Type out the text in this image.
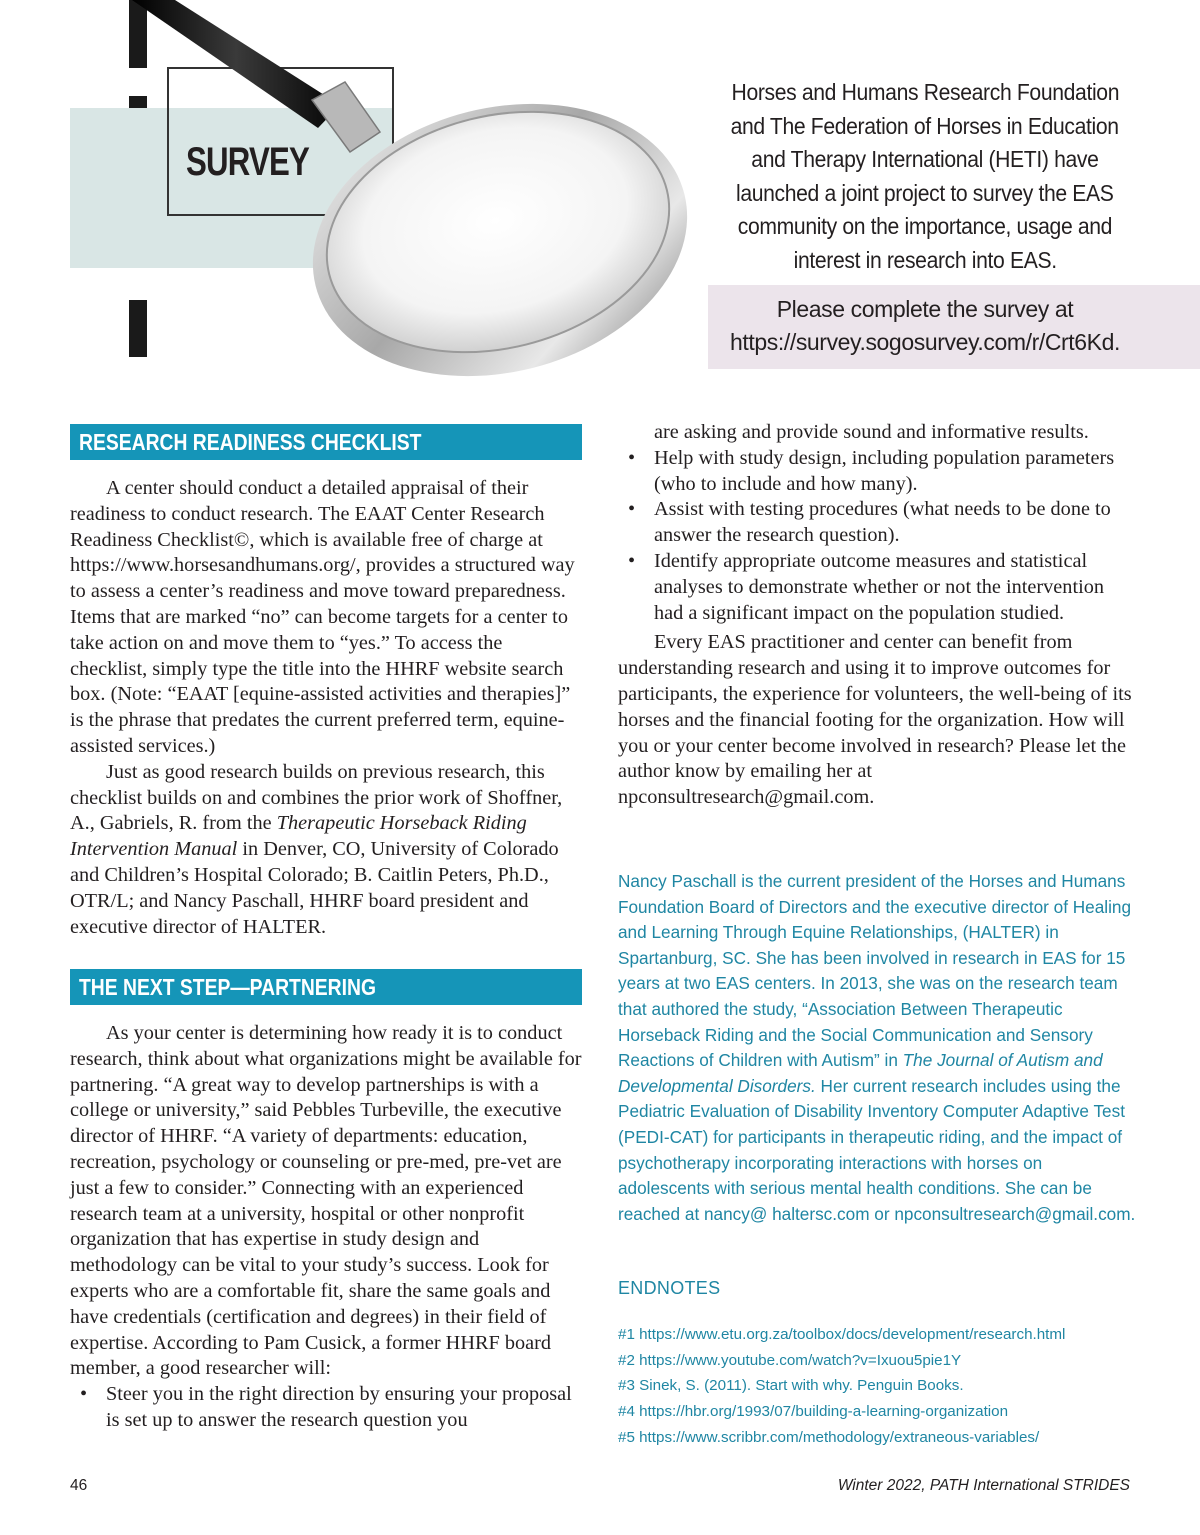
SURVEY
Horses and Humans Research Foundation
and The Federation of Horses in Education
and Therapy International (HETI) have
launched a joint project to survey the EAS
community on the importance, usage and
interest in research into EAS.
Please complete the survey at
https://survey.sogosurvey.com/r/Crt6Kd.
RESEARCH READINESS CHECKLIST

A center should conduct a detailed appraisal of their readiness to conduct research. The EAAT Center Research Readiness Checklist©, which is available free of charge at https://www.horsesandhumans.org/, provides a structured way to assess a center’s readiness and move toward preparedness. Items that are marked “no” can become targets for a center to take action on and move them to “yes.” To access the checklist, simply type the title into the HHRF website search box. (Note: “EAAT [equine-assisted activities and therapies]” is the phrase that predates the current preferred term, equine-assisted services.)

Just as good research builds on previous research, this checklist builds on and combines the prior work of Shoffner, A., Gabriels, R. from the Therapeutic Horseback Riding Intervention Manual in Denver, CO, University of Colorado and Children’s Hospital Colorado; B. Caitlin Peters, Ph.D., OTR/L; and Nancy Paschall, HHRF board president and executive director of HALTER.

THE NEXT STEP—PARTNERING

As your center is determining how ready it is to conduct research, think about what organizations might be available for partnering. “A great way to develop partnerships is with a college or university,” said Pebbles Turbeville, the executive director of HHRF. “A variety of departments: education, recreation, psychology or counseling or pre-med, pre-vet are just a few to consider.” Connecting with an experienced research team at a university, hospital or other nonprofit organization that has expertise in study design and methodology can be vital to your study’s success. Look for experts who are a comfortable fit, share the same goals and have credentials (certification and degrees) in their field of expertise. According to Pam Cusick, a former HHRF board member, a good researcher will:

• Steer you in the right direction by ensuring your proposal is set up to answer the research question you

are asking and provide sound and informative results.

• Help with study design, including population parameters (who to include and how many).
• Assist with testing procedures (what needs to be done to answer the research question).
• Identify appropriate outcome measures and statistical analyses to demonstrate whether or not the intervention had a significant impact on the population studied.

Every EAS practitioner and center can benefit from understanding research and using it to improve outcomes for participants, the experience for volunteers, the well-being of its horses and the financial footing for the organization. How will you or your center become involved in research? Please let the author know by emailing her at npconsultresearch@gmail.com.

Nancy Paschall is the current president of the Horses and Humans Foundation Board of Directors and the executive director of Healing and Learning Through Equine Relationships, (HALTER) in Spartanburg, SC. She has been involved in research in EAS for 15 years at two EAS centers. In 2013, she was on the research team that authored the study, “Association Between Therapeutic Horseback Riding and the Social Communication and Sensory Reactions of Children with Autism” in The Journal of Autism and Developmental Disorders. Her current research includes using the Pediatric Evaluation of Disability Inventory Computer Adaptive Test (PEDI-CAT) for participants in therapeutic riding, and the impact of psychotherapy incorporating interactions with horses on adolescents with serious mental health conditions. She can be reached at nancy@ haltersc.com or npconsultresearch@gmail.com.
ENDNOTES
#1 https://www.etu.org.za/toolbox/docs/development/research.html
#2 https://www.youtube.com/watch?v=Ixuou5pie1Y
#3 Sinek, S. (2011). Start with why. Penguin Books.
#4 https://hbr.org/1993/07/building-a-learning-organization
#5 https://www.scribbr.com/methodology/extraneous-variables/
46	Winter 2022, PATH International STRIDES
